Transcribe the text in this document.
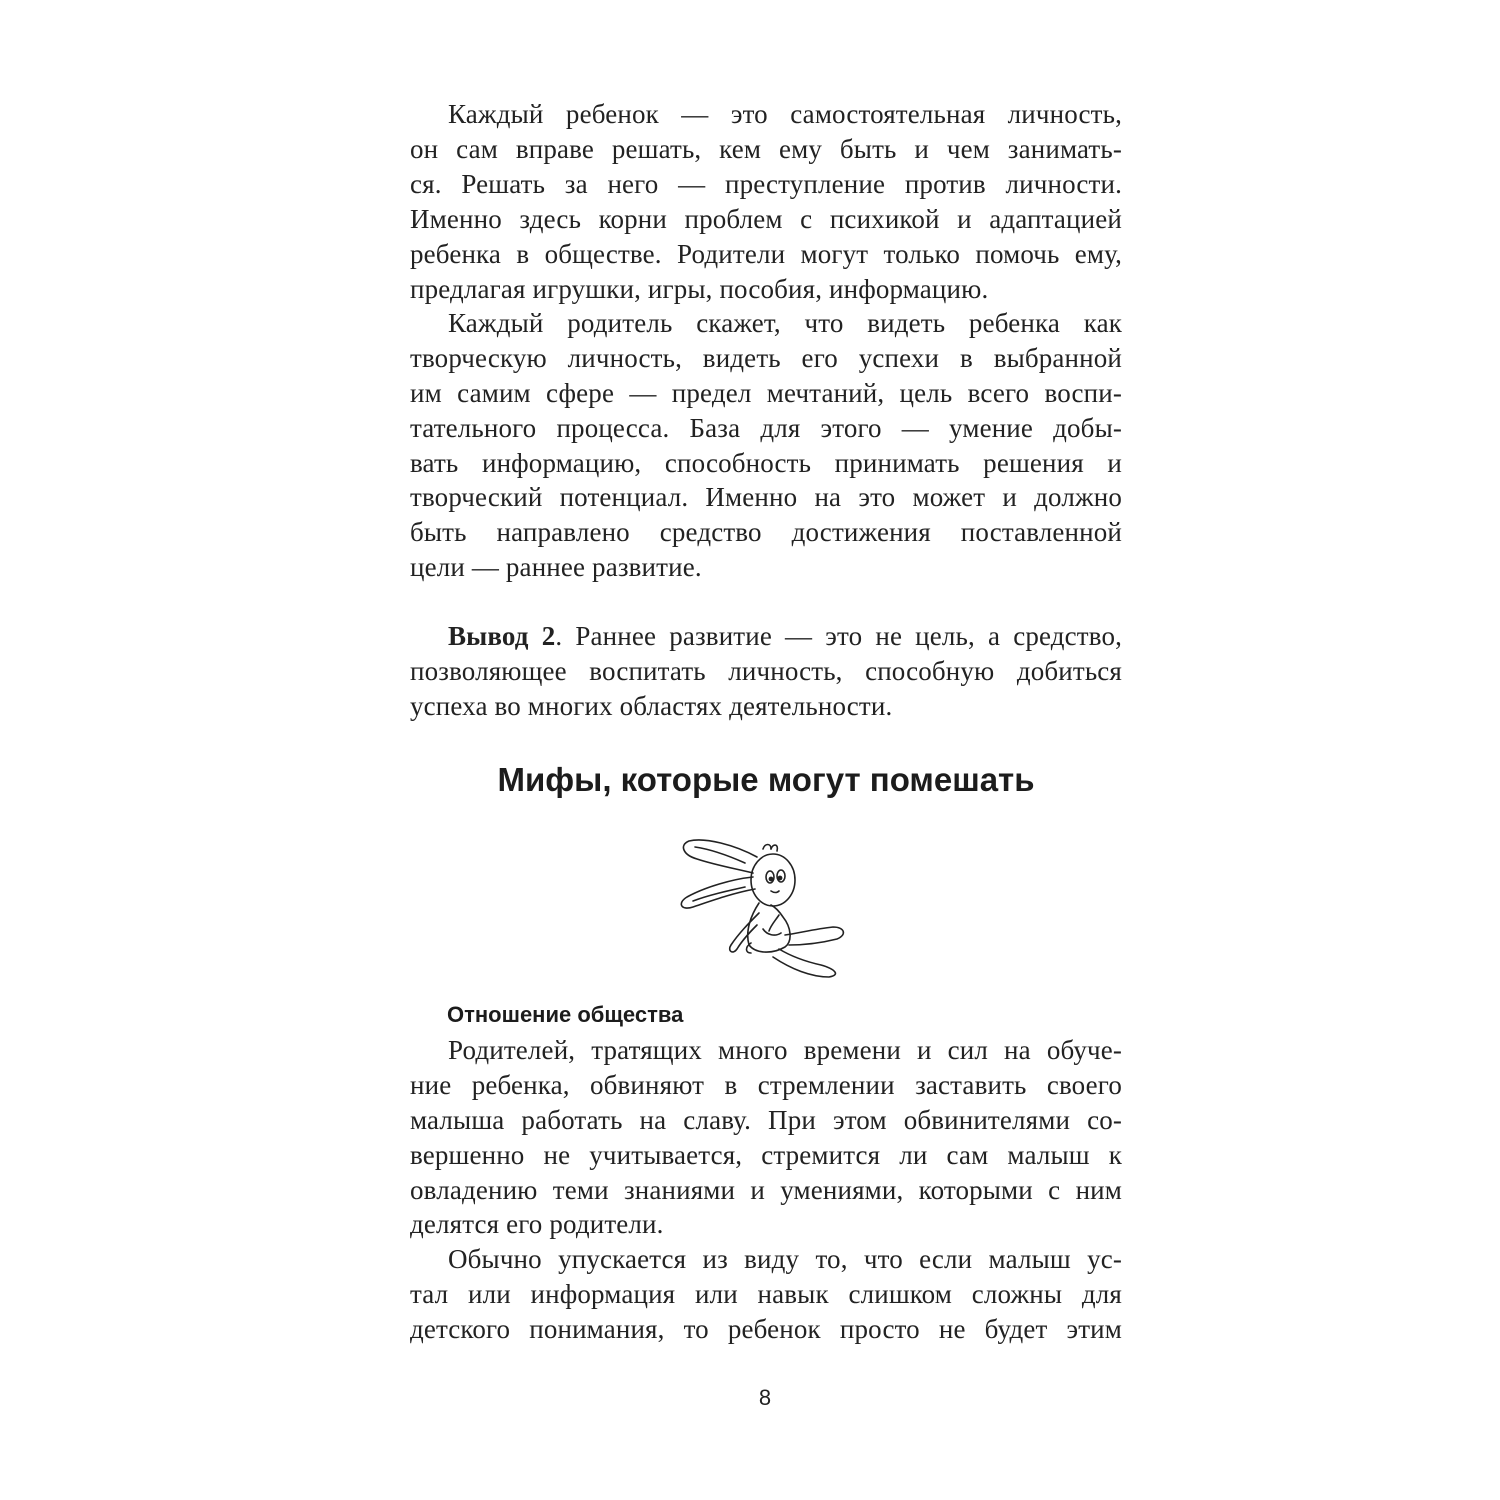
Каждый ребенок — это самостоятельная личность,

он сам вправе решать, кем ему быть и чем занимать-

ся. Решать за него — преступление против личности.

Именно здесь корни проблем с психикой и адаптацией

ребенка в обществе. Родители могут только помочь ему,

предлагая игрушки, игры, пособия, информацию.

Каждый родитель скажет, что видеть ребенка как

творческую личность, видеть его успехи в выбранной

им самим сфере — предел мечтаний, цель всего воспи-

тательного процесса. База для этого — умение добы-

вать информацию, способность принимать решения и

творческий потенциал. Именно на это может и должно

быть направлено средство достижения поставленной

цели — раннее развитие.

Вывод 2. Раннее развитие — это не цель, а средство,

позволяющее воспитать личность, способную добиться

успеха во многих областях деятельности.

Мифы, которые могут помешать
Отношение общества

Родителей, тратящих много времени и сил на обуче-

ние ребенка, обвиняют в стремлении заставить своего

малыша работать на славу. При этом обвинителями со-

вершенно не учитывается, стремится ли сам малыш к

овладению теми знаниями и умениями, которыми с ним

делятся его родители.

Обычно упускается из виду то, что если малыш ус-

тал или информация или навык слишком сложны для

детского понимания, то ребенок просто не будет этим

8
